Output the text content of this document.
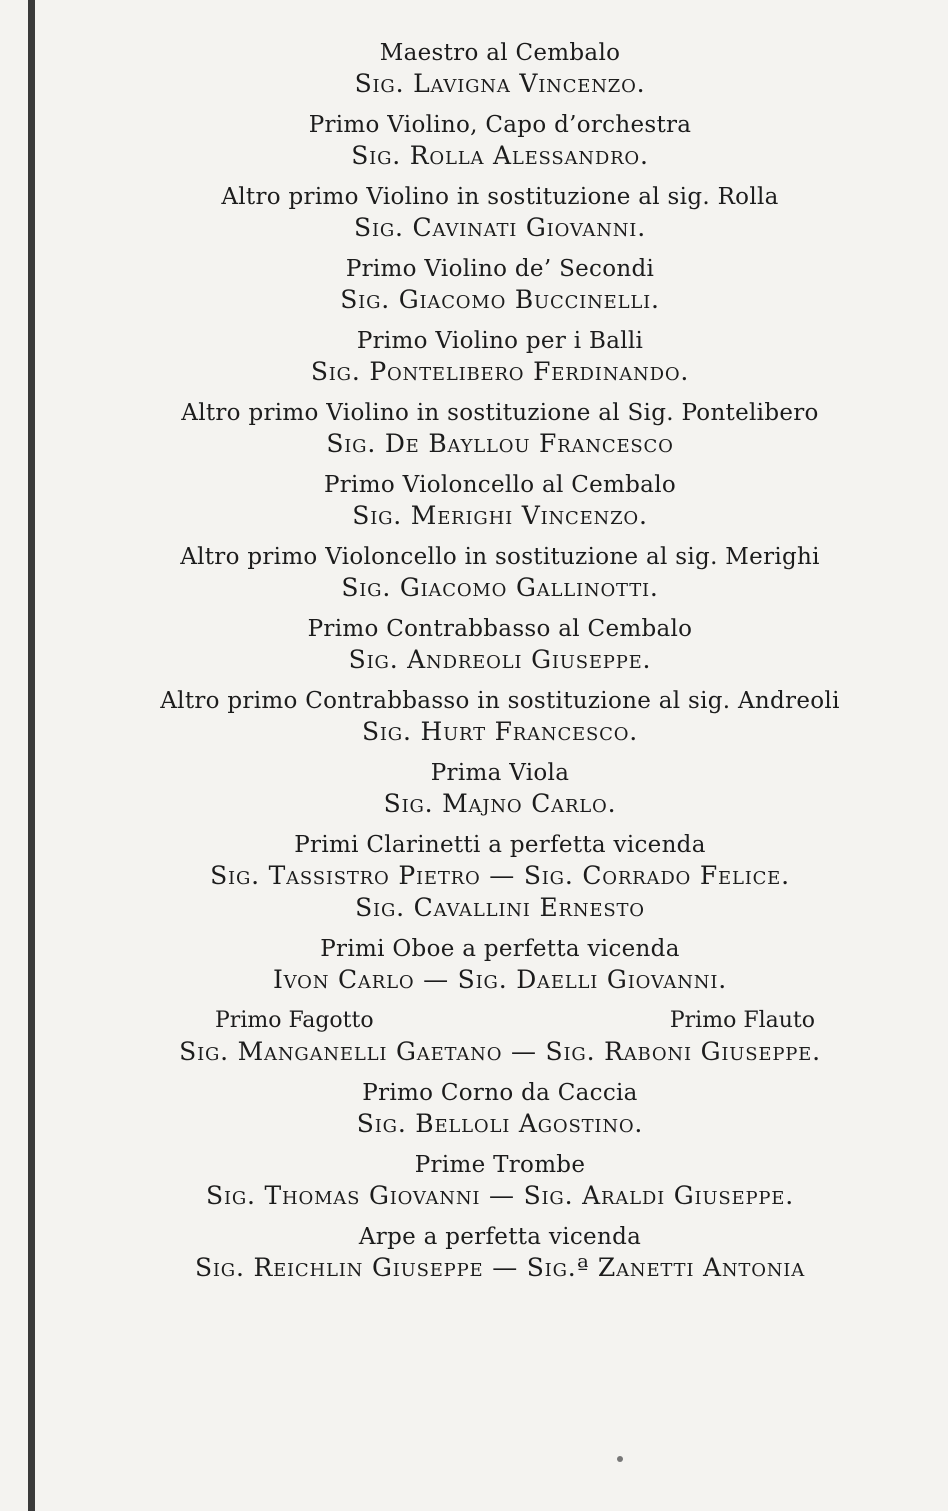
Maestro al Cembalo
Sig. Lavigna Vincenzo.
Primo Violino, Capo d’orchestra
Sig. Rolla Alessandro.
Altro primo Violino in sostituzione al sig. Rolla
Sig. Cavinati Giovanni.
Primo Violino de’ Secondi
Sig. Giacomo Buccinelli.
Primo Violino per i Balli
Sig. Pontelibero Ferdinando.
Altro primo Violino in sostituzione al Sig. Pontelibero
Sig. De Bayllou Francesco
Primo Violoncello al Cembalo
Sig. Merighi Vincenzo.
Altro primo Violoncello in sostituzione al sig. Merighi
Sig. Giacomo Gallinotti.
Primo Contrabbasso al Cembalo
Sig. Andreoli Giuseppe.
Altro primo Contrabbasso in sostituzione al sig. Andreoli
Sig. Hurt Francesco.
Prima Viola
Sig. Majno Carlo.
Primi Clarinetti a perfetta vicenda
Sig. Tassistro Pietro — Sig. Corrado Felice.
Sig. Cavallini Ernesto
Primi Oboe a perfetta vicenda
Ivon Carlo — Sig. Daelli Giovanni.
Primo Fagotto	Primo Flauto
Sig. Manganelli Gaetano — Sig. Raboni Giuseppe.
Primo Corno da Caccia
Sig. Belloli Agostino.
Prime Trombe
Sig. Thomas Giovanni — Sig. Araldi Giuseppe.
Arpe a perfetta vicenda
Sig. Reichlin Giuseppe — Sig.ª Zanetti Antonia
